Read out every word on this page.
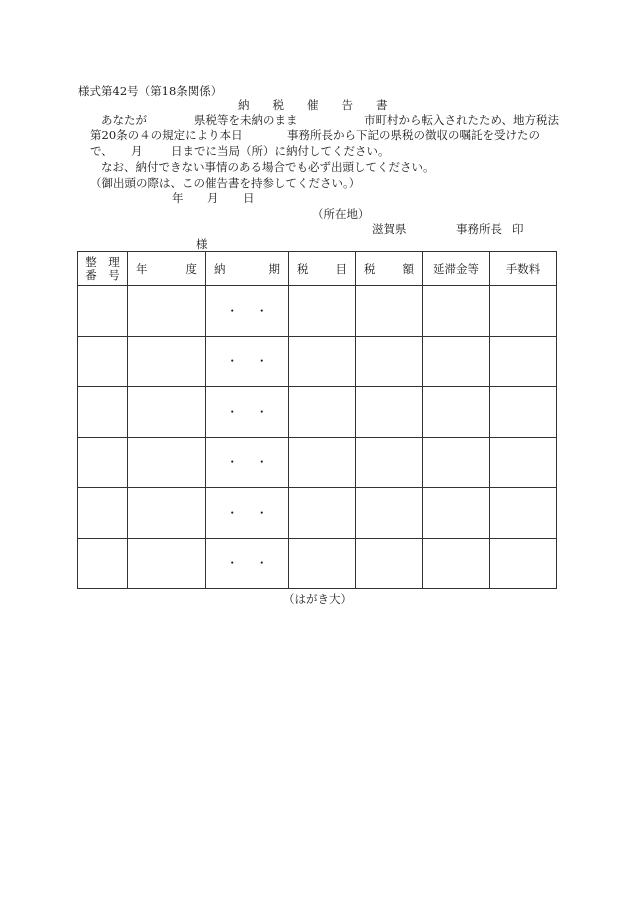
様式第42号（第18条関係）
納　　税　　催　　告　　書
あなたが	県税等を未納のまま	市町村から転入されたため、地方税法
第20条の４の規定により本日	事務所長から下記の県税の徴収の嘱託を受けたの
で、 月 日までに当局（所）に納付してください。
なお、納付できない事情のある場合でも必ず出頭してください。
（御出頭の際は、この催告書を持参してください。）
年 月 日
（所在地）
滋賀県	事務所長 印
様
整　理
番　号	年 度	納 期	税 目	税 額	延滞金等	手数料
		・・				
		・・				
		・・				
		・・				
		・・				
		・・				
（はがき大）
